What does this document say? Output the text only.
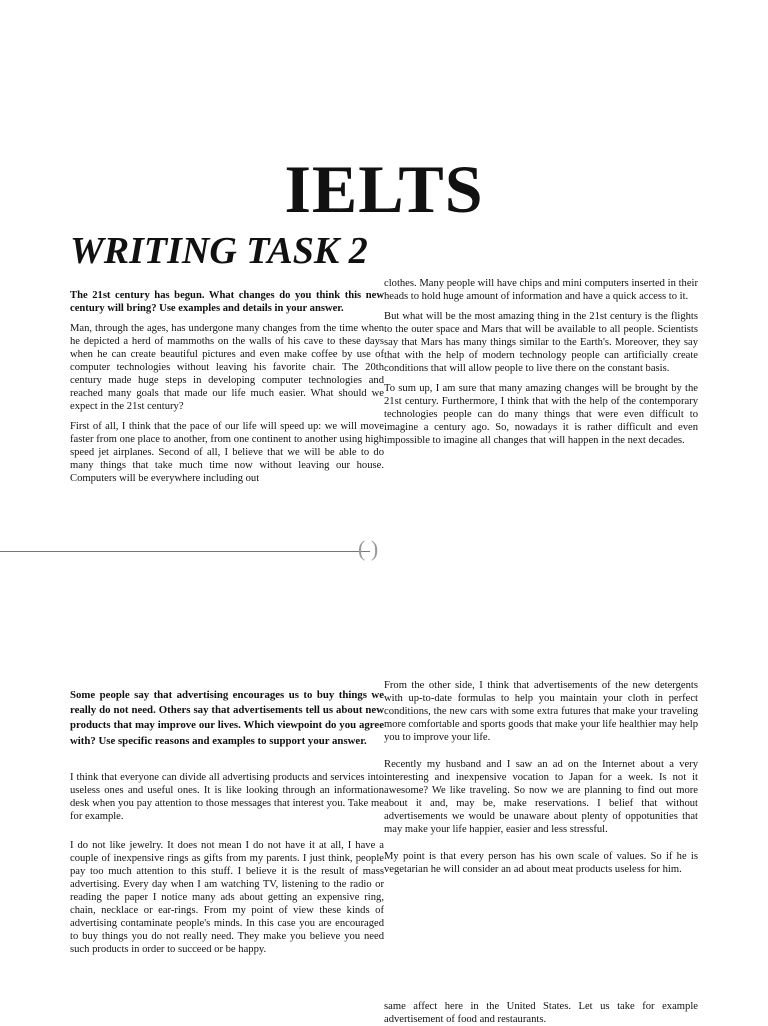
IELTS
WRITING TASK 2

The 21st century has begun. What changes do you think this new century will bring? Use examples and details in your answer.

Man, through the ages, has undergone many changes from the time when he depicted a herd of mammoths on the walls of his cave to these days when he can create beautiful pictures and even make coffee by use of computer technologies without leaving his favorite chair. The 20th century made huge steps in developing computer technologies and reached many goals that made our life much easier. What should we expect in the 21st century?

First of all, I think that the pace of our life will speed up: we will move faster from one place to another, from one continent to another using high speed jet airplanes. Second of all, I believe that we will be able to do many things that take much time now without leaving our house. Computers will be everywhere including out

clothes. Many people will have chips and mini computers inserted in their heads to hold huge amount of information and have a quick access to it.

But what will be the most amazing thing in the 21st century is the flights to the outer space and Mars that will be available to all people. Scientists say that Mars has many things similar to the Earth's. Moreover, they say that with the help of modern technology people can artificially create conditions that will allow people to live there on the constant basis.

To sum up, I am sure that many amazing changes will be brought by the 21st century. Furthermore, I think that with the help of the contemporary technologies people can do many things that were even difficult to imagine a century ago. So, nowadays it is rather difficult and even impossible to imagine all changes that will happen in the next decades.

( )

Some people say that advertising encourages us to buy things we really do not need. Others say that advertisements tell us about new products that may improve our lives. Which viewpoint do you agree with? Use specific reasons and examples to support your answer.

I think that everyone can divide all advertising products and services into useless ones and useful ones. It is like looking through an information desk when you pay attention to those messages that interest you. Take me for example.

I do not like jewelry. It does not mean I do not have it at all, I have a couple of inexpensive rings as gifts from my parents. I just think, people pay too much attention to this stuff. I believe it is the result of mass advertising. Every day when I am watching TV, listening to the radio or reading the paper I notice many ads about getting an expensive ring, chain, necklace or ear-rings. From my point of view these kinds of advertising contaminate people's minds. In this case you are encouraged to buy things you do not really need. They make you believe you need such products in order to succeed or be happy.

From the other side, I think that advertisements of the new detergents with up-to-date formulas to help you maintain your cloth in perfect conditions, the new cars with some extra futures that make your traveling more comfortable and sports goods that make your life healthier may help you to improve your life.

Recently my husband and I saw an ad on the Internet about a very interesting and inexpensive vocation to Japan for a week. Is not it awesome? We like traveling. So now we are planning to find out more about it and, may be, make reservations. I belief that without advertisements we would be unaware about plenty of oppotunities that may make your life happier, easier and less stressful.

My point is that every person has his own scale of values. So if he is vegetarian he will consider an ad about meat products useless for him.

same affect here in the United States. Let us take for example advertisement of food and restaurants.
